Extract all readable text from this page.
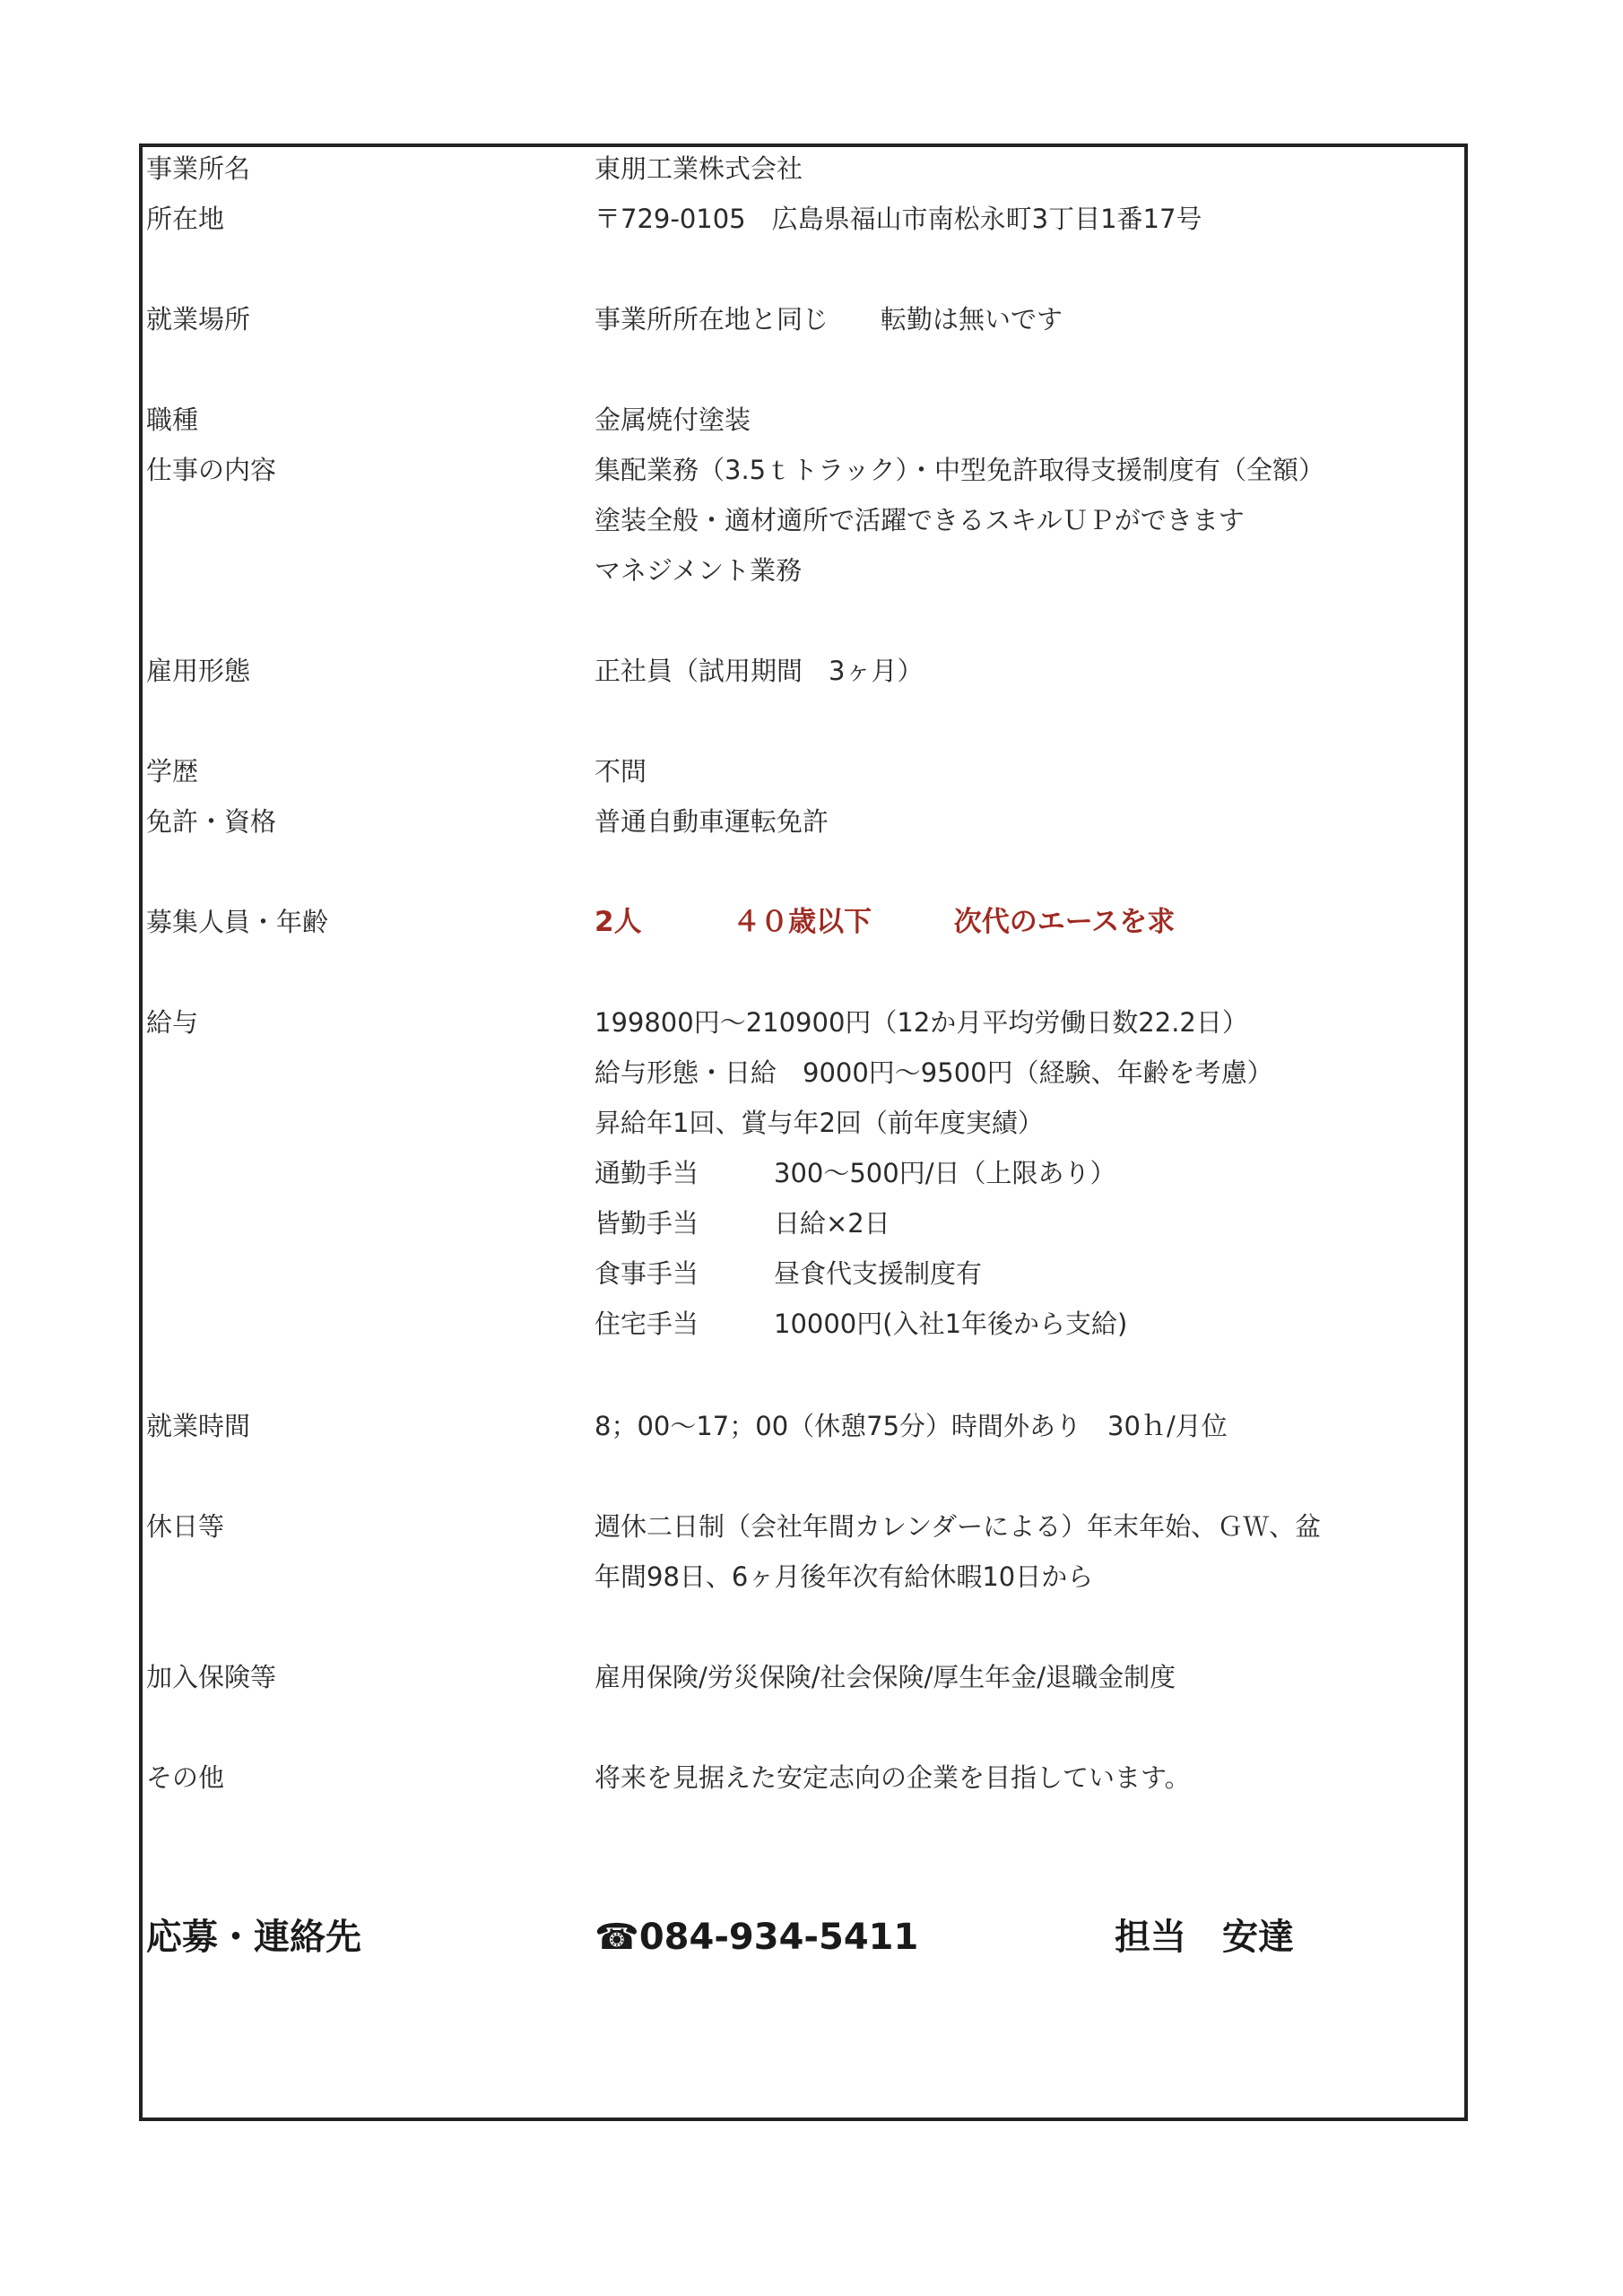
事業所名	東朋工業株式会社
所在地	〒729-0105　広島県福山市南松永町3丁目1番17号
就業場所	事業所所在地と同じ　　転勤は無いです
職種	金属焼付塗装
仕事の内容	集配業務（3.5ｔトラック）・中型免許取得支援制度有（全額）
塗装全般・適材適所で活躍できるスキルＵＰができます
マネジメント業務
雇用形態	正社員（試用期間　3ヶ月）
学歴	不問
免許・資格	普通自動車運転免許
募集人員・年齢	2人	４０歳以下	次代のエースを求
給与	199800円～210900円（12か月平均労働日数22.2日）
給与形態・日給　9000円～9500円（経験、年齢を考慮）
昇給年1回、賞与年2回（前年度実績）
通勤手当	300～500円/日（上限あり）
皆勤手当	日給×2日
食事手当	昼食代支援制度有
住宅手当	10000円(入社1年後から支給)
就業時間	8；00～17；00（休憩75分）時間外あり　30ｈ/月位
休日等	週休二日制（会社年間カレンダーによる）年末年始、ＧＷ、盆
年間98日、6ヶ月後年次有給休暇10日から
加入保険等	雇用保険/労災保険/社会保険/厚生年金/退職金制度
その他	将来を見据えた安定志向の企業を目指しています。
応募・連絡先	☎084-934-5411	担当　安達
